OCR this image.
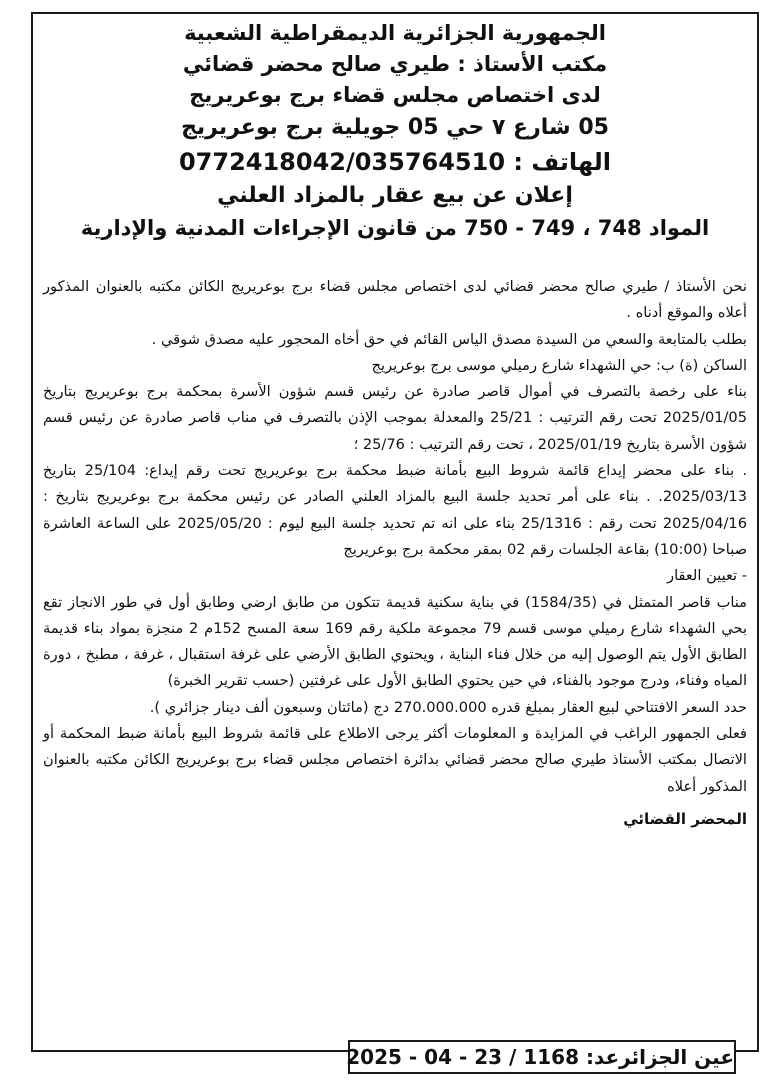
الجمهورية الجزائرية الديمقراطية الشعبية
مكتب الأستاذ : طيري صالح محضر قضائي
لدى اختصاص مجلس قضاء برج بوعريريج
05 شارع ٧ حي 05 جويلية برج بوعريريج
الهاتف : 0772418042/035764510
إعلان عن بيع عقار بالمزاد العلني
المواد 748 ، 749 - 750 من قانون الإجراءات المدنية والإدارية

نحن الأستاذ / طيري صالح محضر قضائي لدى اختصاص مجلس قضاء برج بوعريريج الكائن مكتبه بالعنوان المذكور أعلاه والموقع أدناه .

بطلب بالمتابعة والسعي من السيدة مصدق الياس القائم في حق أخاه المحجور عليه مصدق شوقي .

الساكن (ة) ب: حي الشهداء شارع رميلي موسى برج بوعريريج

بناء على رخصة بالتصرف في أموال قاصر صادرة عن رئيس قسم شؤون الأسرة بمحكمة برج بوعريريج بتاريخ 2025/01/05 تحت رقم الترتيب : 25/21 والمعدلة بموجب الإذن بالتصرف في مناب قاصر صادرة عن رئيس قسم شؤون الأسرة بتاريخ 2025/01/19 ، تحت رقم الترتيب : 25/76 ؛

. بناء على محضر إيداع قائمة شروط البيع بأمانة ضبط محكمة برج بوعريريج تحت رقم إيداع: 25/104 بتاريخ 2025/03/13. . بناء على أمر تحديد جلسة البيع بالمزاد العلني الصادر عن رئيس محكمة برج بوعريريج بتاريخ : 2025/04/16 تحت رقم : 25/1316 بناء على انه تم تحديد جلسة البيع ليوم : 2025/05/20 على الساعة العاشرة صباحا (10:00) بقاعة الجلسات رقم 02 بمقر محكمة برج بوعريريج

- تعيين العقار

مناب قاصر المتمثل في (1584/35) في بناية سكنية قديمة تتكون من طابق ارضي وطابق أول في طور الانجاز تقع بحي الشهداء شارع رميلي موسى قسم 79 مجموعة ملكية رقم 169 سعة المسح 152م 2 منجزة بمواد بناء قديمة الطابق الأول يتم الوصول إليه من خلال فناء البناية ، ويحتوي الطابق الأرضي على غرفة استقبال ، غرفة ، مطبخ ، دورة المياه وفناء، ودرج موجود بالفناء، في حين يحتوي الطابق الأول على غرفتين (حسب تقرير الخبرة)

حدد السعر الافتتاحي لبيع العقار بمبلغ قدره 270.000.000 دج (مائتان وسبعون ألف دينار جزائري ).

فعلى الجمهور الراغب في المزايدة و المعلومات أكثر يرجى الاطلاع على قائمة شروط البيع بأمانة ضبط المحكمة أو الاتصال بمكتب الأستاذ طيري صالح محضر قضائي بدائرة اختصاص مجلس قضاء برج بوعريريج الكائن مكتبه بالعنوان المذكور أعلاه

المحضر القضائي
عين الجزائرعد: 1168 / 23 - 04 - 2025
